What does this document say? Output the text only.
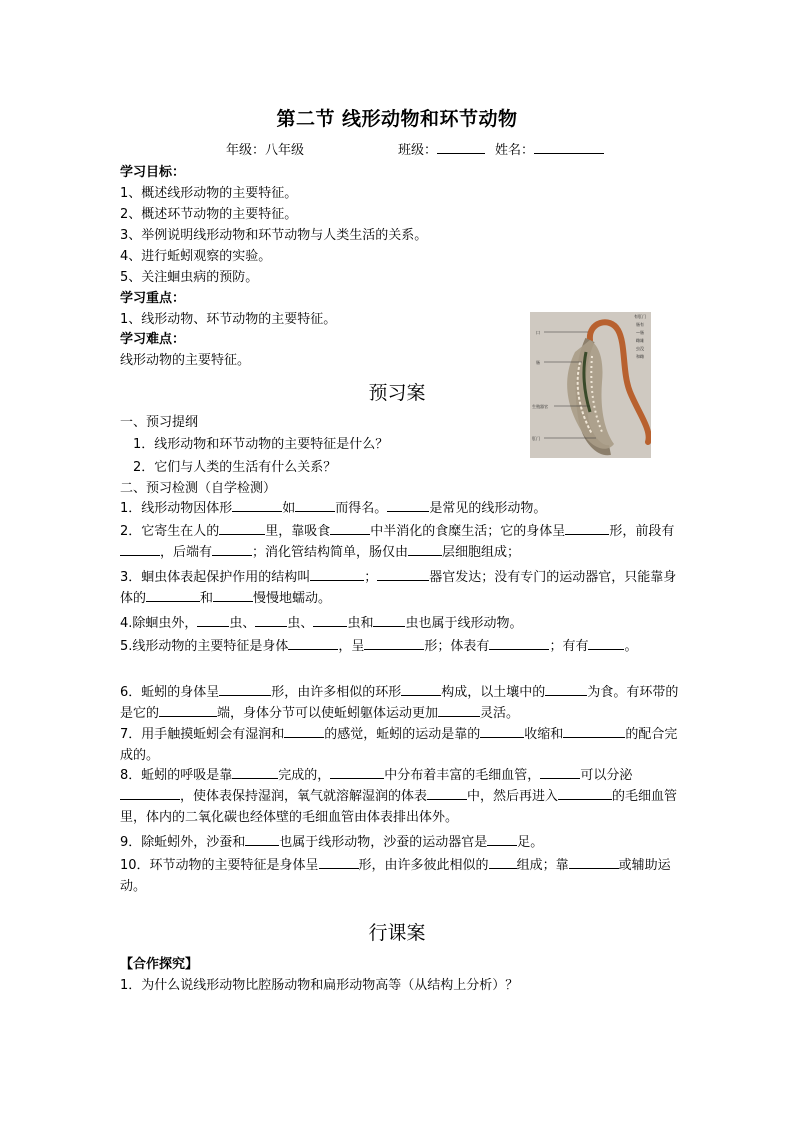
第二节 线形动物和环节动物
年级：八年级	班级：	姓名：
学习目标：
1、概述线形动物的主要特征。
2、概述环节动物的主要特征。
3、举例说明线形动物和环节动物与人类生活的关系。
4、进行蚯蚓观察的实验。
5、关注蛔虫病的预防。
学习重点：
1、线形动物、环节动物的主要特征。
学习难点：
线形动物的主要特征。
口
肠
生殖器官
肛门
有肛门
肠有
—肠
雌雄
虫没
和雌
预习案
一、预习提纲
1．线形动物和环节动物的主要特征是什么？
2．它们与人类的生活有什么关系？
二、预习检测（自学检测）
1．线形动物因体形	如	而得名。	是常见的线形动物。
2．它寄生在人的	里，靠吸食	中半消化的食糜生活；它的身体呈	形，前段有，后端有	；消化管结构简单，肠仅由	层细胞组成；
3．蛔虫体表起保护作用的结构叫	；	器官发达；没有专门的运动器官，只能靠身体的	和	慢慢地蠕动。
4.除蛔虫外， 虫、 虫、	虫和 虫也属于线形动物。
5.线形动物的主要特征是身体	，呈	形；体表有	；有有	。
6．蚯蚓的身体呈	形，由许多相似的环形	构成，以土壤中的	为食。有环带的是它的	端，身体分节可以使蚯蚓躯体运动更加	灵活。
7．用手触摸蚯蚓会有湿润和	的感觉，蚯蚓的运动是靠的	收缩和	的配合完成的。
8．蚯蚓的呼吸是靠	完成的，	中分布着丰富的毛细血管，	可以分泌，使体表保持湿润，氧气就溶解湿润的体表	中，然后再进入	的毛细血管里，体内的二氧化碳也经体壁的毛细血管由体表排出体外。
9．除蚯蚓外，沙蚕和	也属于线形动物，沙蚕的运动器官是 足。
10．环节动物的主要特征是身体呈	形，由许多彼此相似的 组成；靠	或辅助运动。
行课案
【合作探究】
1．为什么说线形动物比腔肠动物和扁形动物高等（从结构上分析）？
